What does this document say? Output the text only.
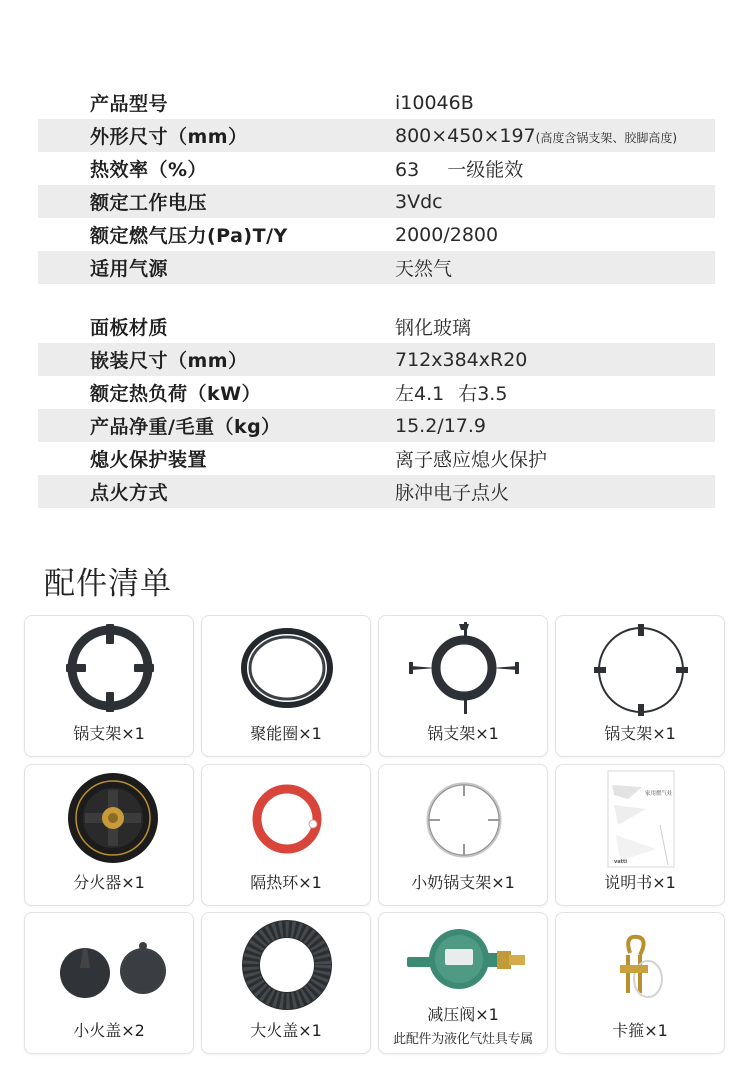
产品型号	i10046B
外形尺寸（mm）	800×450×197(高度含锅支架、胶脚高度)
热效率（%）	63 一级能效
额定工作电压	3Vdc
额定燃气压力(Pa)T/Y	2000/2800
适用气源	天然气
面板材质	钢化玻璃
嵌装尺寸（mm）	712x384xR20
额定热负荷（kW）	左4.1 右3.5
产品净重/毛重（kg）	15.2/17.9
熄火保护装置	离子感应熄火保护
点火方式	脉冲电子点火
配件清单
锅支架×1	聚能圈×1	锅支架×1	锅支架×1
分火器×1	隔热环×1	小奶锅支架×1
家用燃气灶
vatti
说明书×1
小火盖×2	大火盖×1
减压阀×1
此配件为液化气灶具专属	卡箍×1
